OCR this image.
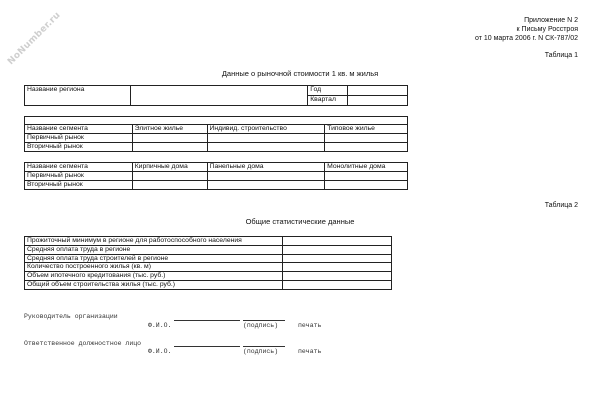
NoNumber.ru	Приложение N 2
к Письму Росстроя
от 10 марта 2006 г. N СК-787/02
Таблица 1
Данные о рыночной стоимости 1 кв. м жилья
Название региона		Год	
		Квартал	

Название сегмента	Элитное жилье	Индивид. строительство	Типовое жилье
Первичный рынок			
Вторичный рынок			
Название сегмента	Кирпичные дома	Панельные дома	Монолитные дома
Первичный рынок			
Вторичный рынок			
Таблица 2
Общие статистические данные
Прожиточный минимум в регионе для работоспособного населения	
Средняя оплата труда в регионе	
Средняя оплата труда строителей в регионе	
Количество построенного жилья (кв. м)	
Объем ипотечного кредитования (тыс. руб.)	
Общий объем строительства жилья (тыс. руб.)	
Руководитель организации
Ф.И.О.	(подпись)	печать
Ответственное должностное лицо
Ф.И.О.	(подпись)	печать
